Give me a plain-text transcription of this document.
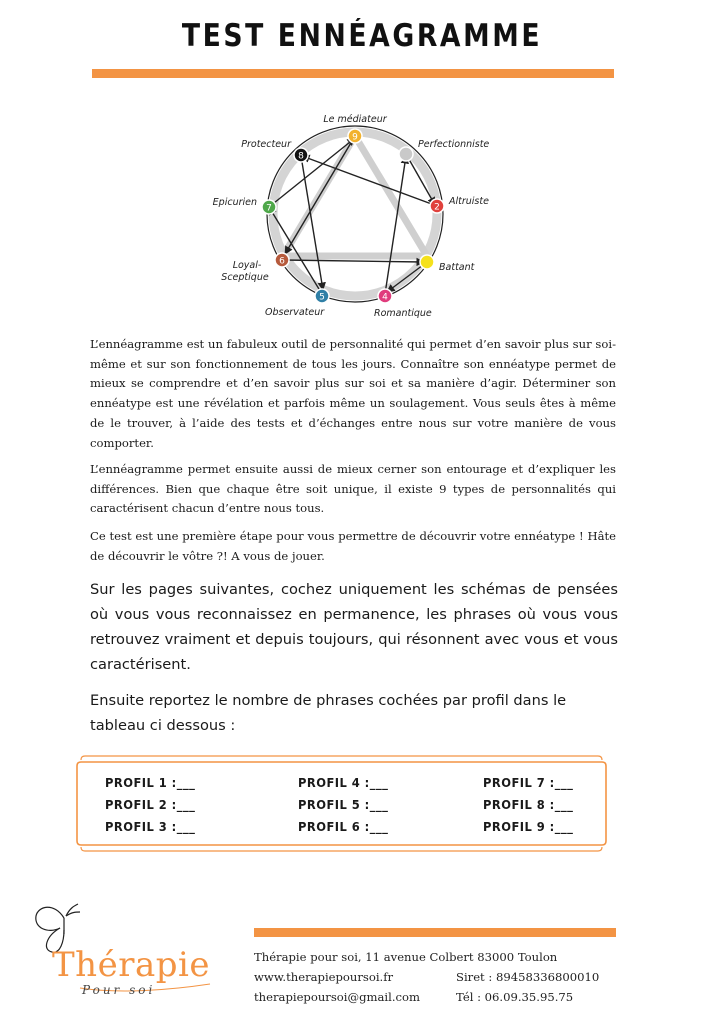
TEST ENNÉAGRAMME
9
2
4
5
6
7
8
Le médiateur
Perfectionniste
Altruiste
Battant
Romantique
Observateur
Loyal-
Sceptique
Epicurien
Protecteur

L’ennéagramme est un fabuleux outil de personnalité qui permet d’en savoir plus sur soi-même et sur son fonctionnement de tous les jours. Connaître son ennéatype permet de mieux se comprendre et d’en savoir plus sur soi et sa manière d’agir. Déterminer son ennéatype est une révélation et parfois même un soulagement. Vous seuls êtes à même de le trouver, à l’aide des tests et d’échanges entre nous sur votre manière de vous comporter.

L’ennéagramme permet ensuite aussi de mieux cerner son entourage et d’expliquer les différences. Bien que chaque être soit unique, il existe 9 types de personnalités qui caractérisent chacun d’entre nous tous.

Ce test est une première étape pour vous permettre de découvrir votre ennéatype ! Hâte de découvrir le vôtre ?! A vous de jouer.

Sur les pages suivantes, cochez uniquement les schémas de pensées où vous vous reconnaissez en permanence, les phrases où vous vous retrouvez vraiment et depuis toujours, qui résonnent avec vous et vous caractérisent.

Ensuite reportez le nombre de phrases cochées par profil dans le tableau ci dessous :

PROFIL 1 :___
PROFIL 2 :___
PROFIL 3 :___
PROFIL 4 :___
PROFIL 5 :___
PROFIL 6 :___
PROFIL 7 :___
PROFIL 8 :___
PROFIL 9 :___
Thérapie
Pour soi
Thérapie pour soi, 11 avenue Colbert 83000 Toulon
www.therapiepoursoi.fr	Siret : 89458336800010
therapiepoursoi@gmail.com	Tél : 06.09.35.95.75
